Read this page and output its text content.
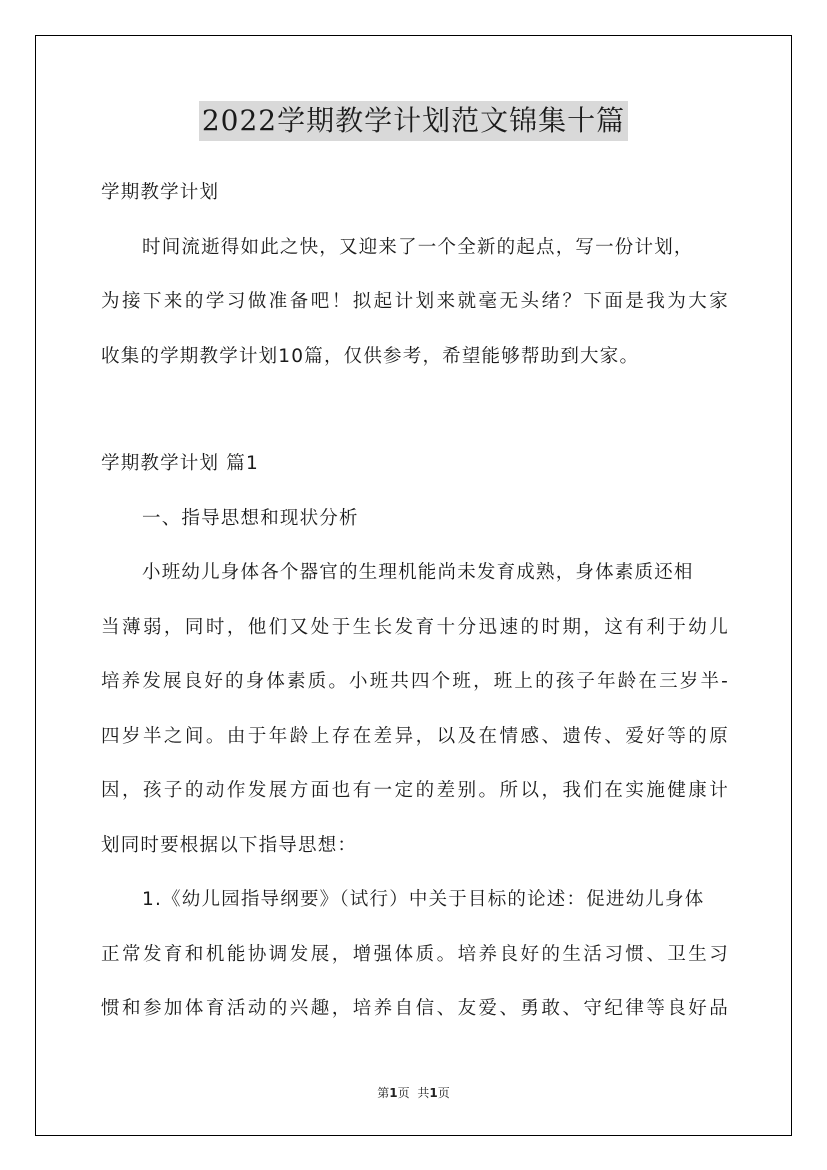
2022学期教学计划范文锦集十篇
学期教学计划
时间流逝得如此之快，又迎来了一个全新的起点，写一份计划，
为接下来的学习做准备吧！拟起计划来就毫无头绪？下面是我为大家
收集的学期教学计划10篇，仅供参考，希望能够帮助到大家。
学期教学计划 篇1
一、指导思想和现状分析
小班幼儿身体各个器官的生理机能尚未发育成熟，身体素质还相
当薄弱，同时，他们又处于生长发育十分迅速的时期，这有利于幼儿
培养发展良好的身体素质。小班共四个班，班上的孩子年龄在三岁半-
四岁半之间。由于年龄上存在差异，以及在情感、遗传、爱好等的原
因，孩子的动作发展方面也有一定的差别。所以，我们在实施健康计
划同时要根据以下指导思想：
1.《幼儿园指导纲要》（试行）中关于目标的论述：促进幼儿身体
正常发育和机能协调发展，增强体质。培养良好的生活习惯、卫生习
惯和参加体育活动的兴趣，培养自信、友爱、勇敢、守纪律等良好品
第1页 共1页
